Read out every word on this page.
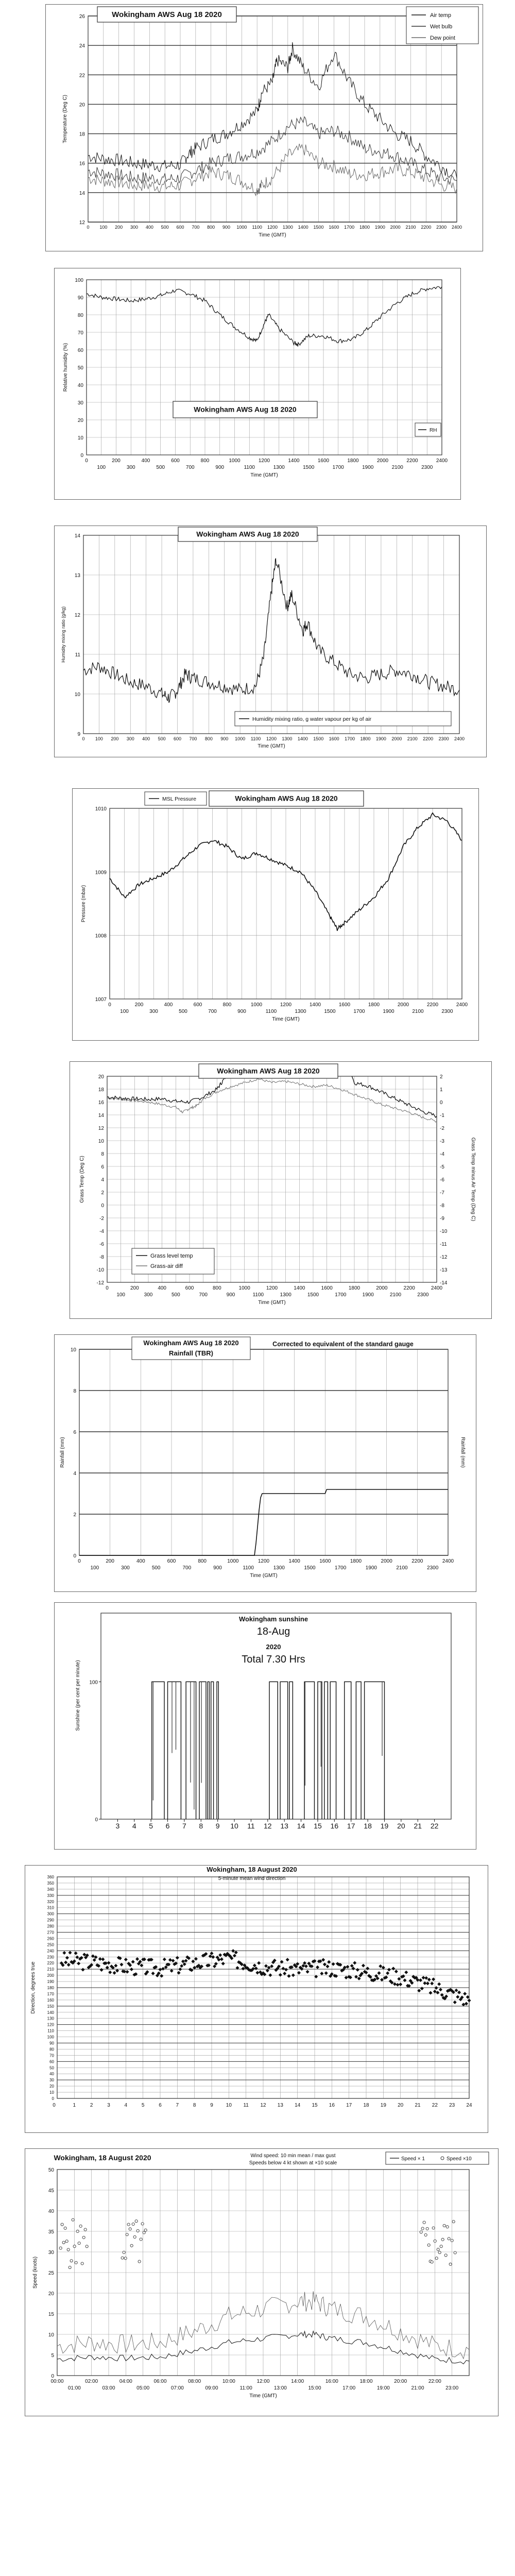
12
14
16
18
20
22
24
26
0 100 200 300 400 500 600 700 800 900 1000 1100 1200 1300 1400 1500 1600 1700 1800 1900 2000 2100 2200 2300 2400
Time (GMT)
Temperature (Deg C)
Wokingham AWS Aug 18 2020	Air temp
Wet bulb
Dew point
0
10
20
30
40
50
60
70
80
90
100
0	200	400	600	800	1000	1200	1400	1600	1800	2000	2200	2400
100	300	500	700	900	1100	1300	1500	1700	1900	2100	2300
Time (GMT)
Relative humidity (%)
Wokingham AWS Aug 18 2020
RH
9
10
11
12
13
14
0 100 200 300 400 500 600 700 800 900 1000 1100 1200 1300 1400 1500 1600 1700 1800 1900 2000 2100 2200 2300 2400
Time (GMT)
Humidity mixing ratio (g/kg)
Wokingham AWS Aug 18 2020
Humidity mixing ratio, g water vapour per kg of air
1007
1008
1009
1010
0	200	400	600	800	1000	1200	1400	1600	1800	2000	2200	2400
100	300	500	700	900	1100	1300	1500	1700	1900	2100	2300
Time (GMT)
Pressure (mbar)
Wokingham AWS Aug 18 2020
MSL Pressure
-12
-10
-8
-6
-4
-2
0
2
4
6
8
10
12
14
16
18
20
-14
-13
-12
-11
-10
-9
-8
-7
-6
-5
-4
-3
-2
-1
0
1
2
0	200	400	600	800	1000	1200	1400	1600	1800	2000	2200	2400
100	300	500	700	900	1100	1300	1500	1700	1900	2100	2300
Time (GMT)
Grass Temp (Deg C)	Grass Temp minus Air Temp (Deg C)
Wokingham AWS Aug 18 2020
Grass level temp
Grass-air diff
0
2
4
6
8
10
0	200	400	600	800	1000	1200	1400	1600	1800	2000	2200	2400
100	300	500	700	900	1100	1300	1500	1700	1900	2100	2300
Time (GMT)
Rainfall (mm)	Rainfall (mm)
Wokingham AWS Aug 18 2020
Rainfall (TBR)
Corrected to equivalent of the standard gauge
0
100
3 4 5 6 7 8 9 10 11 12 13 14 15 16 17 18 19 20 21 22
Sunshine (per cent per minute)
Wokingham sunshine
18-Aug
2020
Total 7.30 Hrs
0
10
20
30
40
50
60
70
80
90
100
110
120
130
140
150
160
170
180
190
200
210
220
230
240
250
260
270
280
290
300
310
320
330
340
350
360
0	1	2	3	4	5	6	7	8	9 10 11 12 13 14 15 16 17 18 19 20 21 22 23 24
Direction, degrees true
Wokingham, 18 August 2020
5-minute mean wind direction
0
5
10
15
20
25
30
35
40
45
50
00:00	02:00	04:00	06:00	08:00	10:00	12:00	14:00	16:00	18:00	20:00	22:00
01:00	03:00	05:00	07:00	09:00	11:00	13:00	15:00	17:00	19:00	21:00	23:00
Time (GMT)
Speed (knots)
Wokingham, 18 August 2020	Wind speed: 10 min mean / max gust
Speeds below 4 kt shown at ×10 scale
Speed × 1	Speed ×10
